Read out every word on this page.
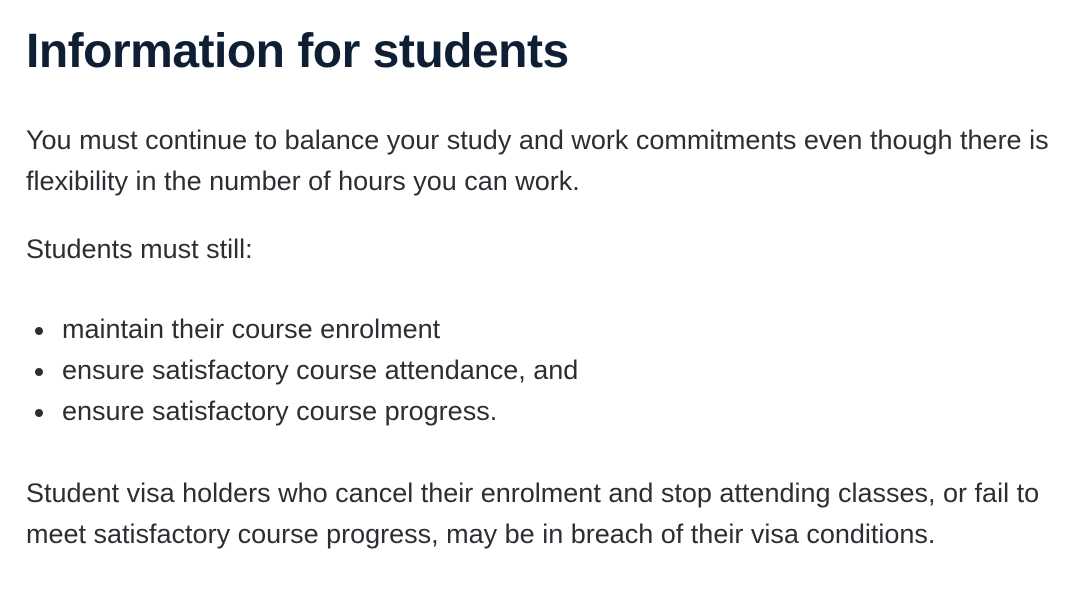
Information for students

You must continue to balance your study and work commitments even though there is flexibility in the number of hours you can work.

Students must still:

maintain their course enrolment
ensure satisfactory course attendance, and
ensure satisfactory course progress.

Student visa holders who cancel their enrolment and stop attending classes, or fail to meet satisfactory course progress, may be in breach of their visa conditions.
